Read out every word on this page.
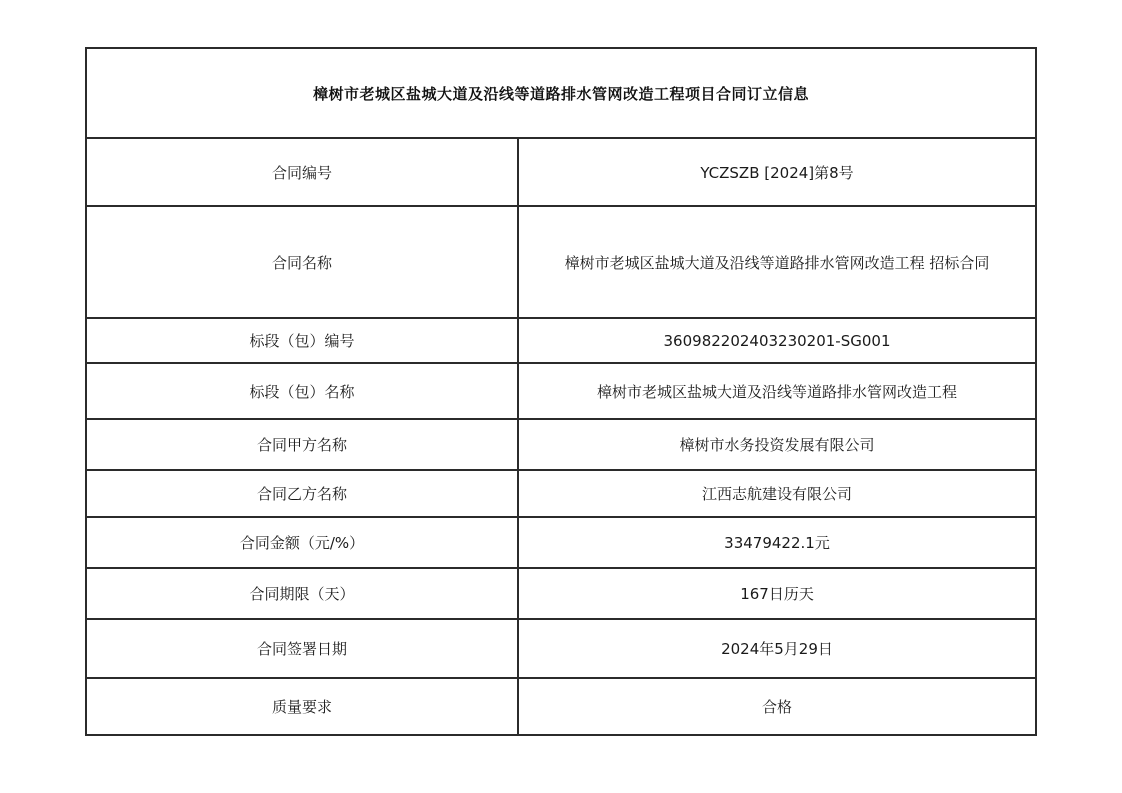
樟树市老城区盐城大道及沿线等道路排水管网改造工程项目合同订立信息	
合同编号	YCZSZB [2024]第8号
合同名称	樟树市老城区盐城大道及沿线等道路排水管网改造工程 招标合同
标段（包）编号	360982202403230201-SG001
标段（包）名称	樟树市老城区盐城大道及沿线等道路排水管网改造工程
合同甲方名称	樟树市水务投资发展有限公司
合同乙方名称	江西志航建设有限公司
合同金额（元/%）	33479422.1元
合同期限（天）	167日历天
合同签署日期	2024年5月29日
质量要求	合格
